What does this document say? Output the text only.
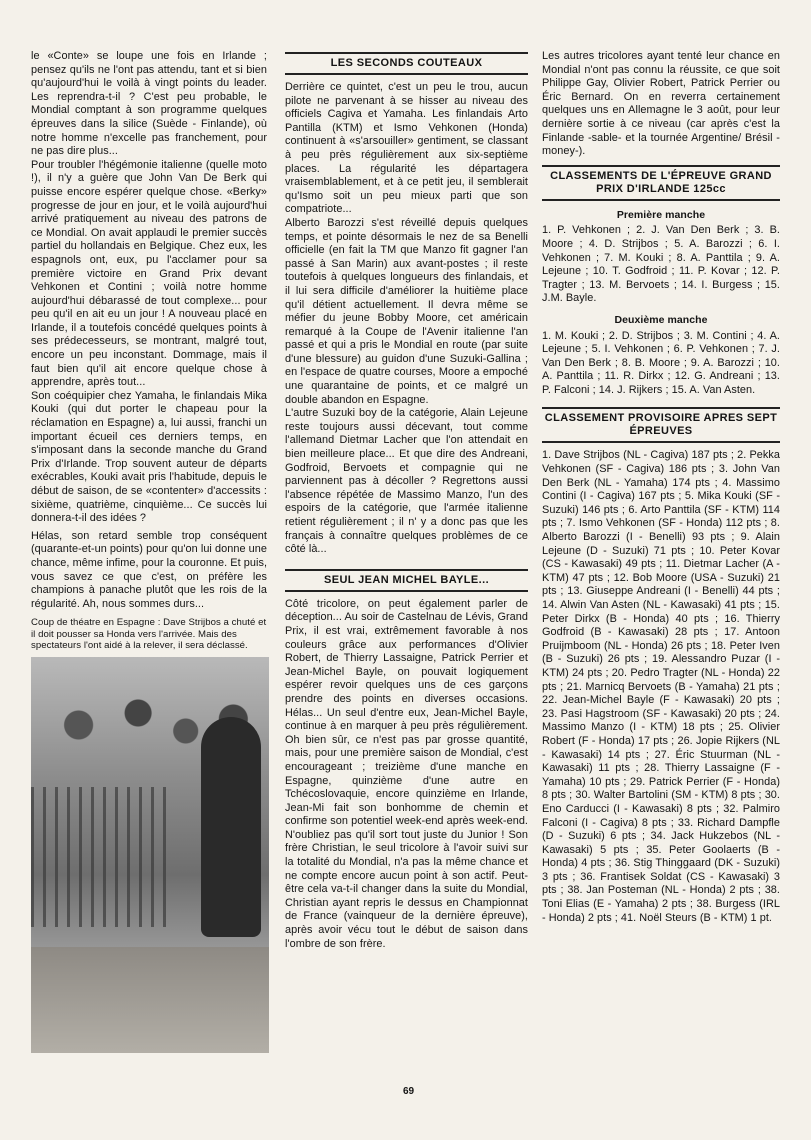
le «Conte» se loupe une fois en Irlande ; pensez qu'ils ne l'ont pas attendu, tant et si bien qu'aujourd'hui le voilà à vingt points du leader. Les reprendra-t-il ? C'est peu probable, le Mondial comptant à son programme quelques épreuves dans la silice (Suède - Finlande), où notre homme n'excelle pas franchement, pour ne pas dire plus...

Pour troubler l'hégémonie italienne (quelle moto !), il n'y a guère que John Van De Berk qui puisse encore espérer quelque chose. «Berky» progresse de jour en jour, et le voilà aujourd'hui arrivé pratiquement au niveau des patrons de ce Mondial. On avait applaudi le premier succès partiel du hollandais en Belgique. Chez eux, les espagnols ont, eux, pu l'acclamer pour sa première victoire en Grand Prix devant Vehkonen et Contini ; voilà notre homme aujourd'hui débarassé de tout complexe... pour peu qu'il en ait eu un jour ! A nouveau placé en Irlande, il a toutefois concédé quelques points à ses prédecesseurs, se montrant, malgré tout, encore un peu inconstant. Dommage, mais il faut bien qu'il ait encore quelque chose à apprendre, après tout...

Son coéquipier chez Yamaha, le finlandais Mika Kouki (qui dut porter le chapeau pour la réclamation en Espagne) a, lui aussi, franchi un important écueil ces derniers temps, en s'imposant dans la seconde manche du Grand Prix d'Irlande. Trop souvent auteur de départs exécrables, Kouki avait pris l'habitude, depuis le début de saison, de se «contenter» d'accessits : sixième, quatrième, cinquième... Ce succès lui donnera-t-il des idées ?

Hélas, son retard semble trop conséquent (quarante-et-un points) pour qu'on lui donne une chance, même infime, pour la couronne. Et puis, vous savez ce que c'est, on préfère les champions à panache plutôt que les rois de la régularité. Ah, nous sommes durs...

Coup de théatre en Espagne : Dave Strijbos a chuté et il doit pousser sa Honda vers l'arrivée. Mais des spectateurs l'ont aidé à la relever, il sera déclassé.
LES SECONDS COUTEAUX

Derrière ce quintet, c'est un peu le trou, aucun pilote ne parvenant à se hisser au niveau des officiels Cagiva et Yamaha. Les finlandais Arto Pantilla (KTM) et Ismo Vehkonen (Honda) continuent à «s'arsouiller» gentiment, se classant à peu près régulièrement aux six-septième places. La régularité les départagera vraisemblablement, et à ce petit jeu, il semblerait qu'Ismo soit un peu mieux parti que son compatriote...

Alberto Barozzi s'est réveillé depuis quelques temps, et pointe désormais le nez de sa Benelli officielle (en fait la TM que Manzo fit gagner l'an passé à San Marin) aux avant-postes ; il reste toutefois à quelques longueurs des finlandais, et il lui sera difficile d'améliorer la huitième place qu'il détient actuellement. Il devra même se méfier du jeune Bobby Moore, cet américain remarqué à la Coupe de l'Avenir italienne l'an passé et qui a pris le Mondial en route (par suite d'une blessure) au guidon d'une Suzuki-Gallina ; en l'espace de quatre courses, Moore a empoché une quarantaine de points, et ce malgré un double abandon en Espagne.

L'autre Suzuki boy de la catégorie, Alain Lejeune reste toujours aussi décevant, tout comme l'allemand Dietmar Lacher que l'on attendait en bien meilleure place... Et que dire des Andreani, Godfroid, Bervoets et compagnie qui ne parviennent pas à décoller ? Regrettons aussi l'absence répétée de Massimo Manzo, l'un des espoirs de la catégorie, que l'armée italienne retient régulièrement ; il n' y a donc pas que les français à connaître quelques problèmes de ce côté là...

SEUL JEAN MICHEL BAYLE...

Côté tricolore, on peut également parler de déception... Au soir de Castelnau de Lévis, Grand Prix, il est vrai, extrêmement favorable à nos couleurs grâce aux performances d'Olivier Robert, de Thierry Lassaigne, Patrick Perrier et Jean-Michel Bayle, on pouvait logiquement espérer revoir quelques uns de ces garçons prendre des points en diverses occasions. Hélas... Un seul d'entre eux, Jean-Michel Bayle, continue à en marquer à peu près régulièrement. Oh bien sûr, ce n'est pas par grosse quantité, mais, pour une première saison de Mondial, c'est encourageant ; treizième d'une manche en Espagne, quinzième d'une autre en Tchécoslovaquie, encore quinzième en Irlande, Jean-Mi fait son bonhomme de chemin et confirme son potentiel week-end après week-end. N'oubliez pas qu'il sort tout juste du Junior ! Son frère Christian, le seul tricolore à l'avoir suivi sur la totalité du Mondial, n'a pas la même chance et ne compte encore aucun point à son actif. Peut-être cela va-t-il changer dans la suite du Mondial, Christian ayant repris le dessus en Championnat de France (vainqueur de la dernière épreuve), après avoir vécu tout le début de saison dans l'ombre de son frère.

Les autres tricolores ayant tenté leur chance en Mondial n'ont pas connu la réussite, ce que soit Philippe Gay, Olivier Robert, Patrick Perrier ou Éric Bernard. On en reverra certainement quelques uns en Allemagne le 3 août, pour leur dernière sortie à ce niveau (car après c'est la Finlande -sable- et la tournée Argentine/ Brésil -money-).

CLASSEMENTS DE L'ÉPREUVE GRAND PRIX D'IRLANDE 125cc
Première manche

1. P. Vehkonen ; 2. J. Van Den Berk ; 3. B. Moore ; 4. D. Strijbos ; 5. A. Barozzi ; 6. I. Vehkonen ; 7. M. Kouki ; 8. A. Panttila ; 9. A. Lejeune ; 10. T. Godfroid ; 11. P. Kovar ; 12. P. Tragter ; 13. M. Bervoets ; 14. I. Burgess ; 15. J.M. Bayle.

Deuxième manche

1. M. Kouki ; 2. D. Strijbos ; 3. M. Contini ; 4. A. Lejeune ; 5. I. Vehkonen ; 6. P. Vehkonen ; 7. J. Van Den Berk ; 8. B. Moore ; 9. A. Barozzi ; 10. A. Panttila ; 11. R. Dirkx ; 12. G. Andreani ; 13. P. Falconi ; 14. J. Rijkers ; 15. A. Van Asten.

CLASSEMENT PROVISOIRE APRES SEPT ÉPREUVES

1. Dave Strijbos (NL - Cagiva) 187 pts ; 2. Pekka Vehkonen (SF - Cagiva) 186 pts ; 3. John Van Den Berk (NL - Yamaha) 174 pts ; 4. Massimo Contini (I - Cagiva) 167 pts ; 5. Mika Kouki (SF - Suzuki) 146 pts ; 6. Arto Panttila (SF - KTM) 114 pts ; 7. Ismo Vehkonen (SF - Honda) 112 pts ; 8. Alberto Barozzi (I - Benelli) 93 pts ; 9. Alain Lejeune (D - Suzuki) 71 pts ; 10. Peter Kovar (CS - Kawasaki) 49 pts ; 11. Dietmar Lacher (A - KTM) 47 pts ; 12. Bob Moore (USA - Suzuki) 21 pts ; 13. Giuseppe Andreani (I - Benelli) 44 pts ; 14. Alwin Van Asten (NL - Kawasaki) 41 pts ; 15. Peter Dirkx (B - Honda) 40 pts ; 16. Thierry Godfroid (B - Kawasaki) 28 pts ; 17. Antoon Pruijmboom (NL - Honda) 26 pts ; 18. Peter Iven (B - Suzuki) 26 pts ; 19. Alessandro Puzar (I - KTM) 24 pts ; 20. Pedro Tragter (NL - Honda) 22 pts ; 21. Marnicq Bervoets (B - Yamaha) 21 pts ; 22. Jean-Michel Bayle (F - Kawasaki) 20 pts ; 23. Pasi Hagstroom (SF - Kawasaki) 20 pts ; 24. Massimo Manzo (I - KTM) 18 pts ; 25. Olivier Robert (F - Honda) 17 pts ; 26. Jopie Rijkers (NL - Kawasaki) 14 pts ; 27. Éric Stuurman (NL - Kawasaki) 11 pts ; 28. Thierry Lassaigne (F - Yamaha) 10 pts ; 29. Patrick Perrier (F - Honda) 8 pts ; 30. Walter Bartolini (SM - KTM) 8 pts ; 30. Eno Carducci (I - Kawasaki) 8 pts ; 32. Palmiro Falconi (I - Cagiva) 8 pts ; 33. Richard Dampfle (D - Suzuki) 6 pts ; 34. Jack Hukzebos (NL - Kawasaki) 5 pts ; 35. Peter Goolaerts (B - Honda) 4 pts ; 36. Stig Thinggaard (DK - Suzuki) 3 pts ; 36. Frantisek Soldat (CS - Kawasaki) 3 pts ; 38. Jan Posteman (NL - Honda) 2 pts ; 38. Toni Elias (E - Yamaha) 2 pts ; 38. Burgess (IRL - Honda) 2 pts ; 41. Noël Steurs (B - KTM) 1 pt.

69
